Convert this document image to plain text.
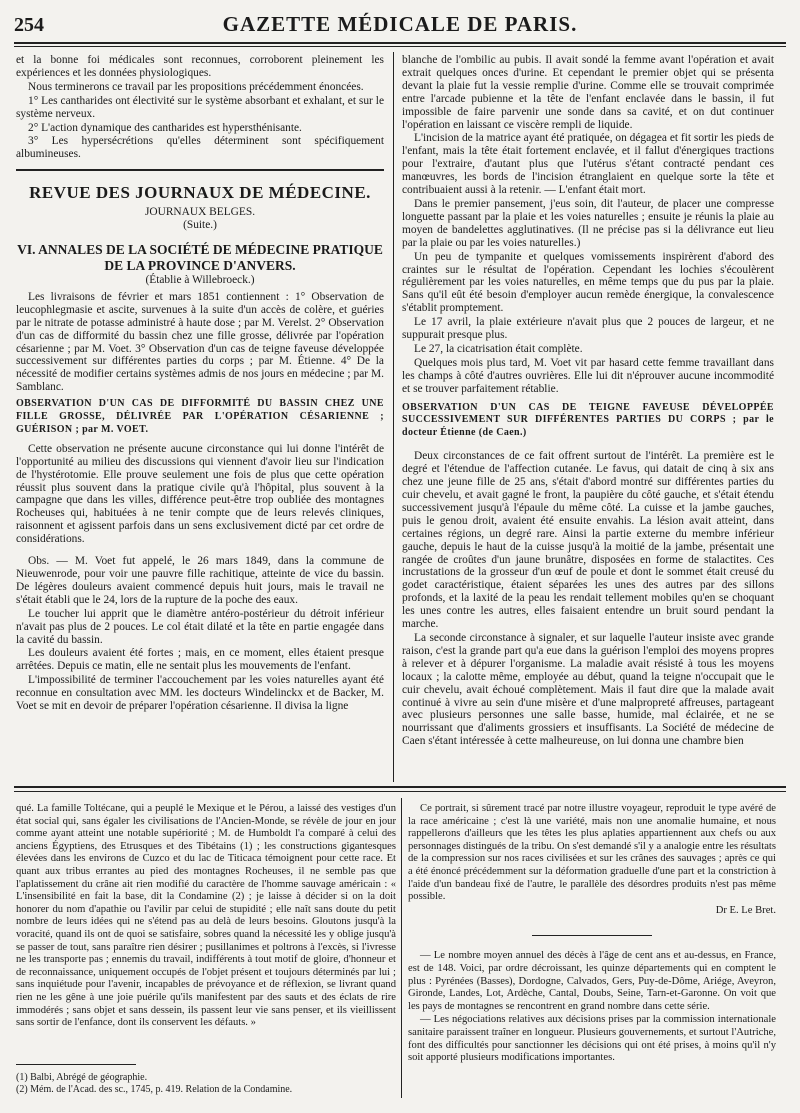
254	GAZETTE MÉDICALE DE PARIS.

et la bonne foi médicales sont reconnues, corroborent pleinement les expériences et les données physiologiques.

Nous terminerons ce travail par les propositions précédemment énoncées.

1° Les cantharides ont électivité sur le système absorbant et exhalant, et sur le système nerveux.

2° L'action dynamique des cantharides est hypersthénisante.

3° Les hypersécrétions qu'elles déterminent sont spécifiquement albumineuses.

REVUE DES JOURNAUX DE MÉDECINE.
JOURNAUX BELGES.
(Suite.)
VI. ANNALES DE LA SOCIÉTÉ DE MÉDECINE PRATIQUE DE LA PROVINCE D'ANVERS.
(Établie à Willebroeck.)

Les livraisons de février et mars 1851 contiennent : 1° Observation de leucophlegmasie et ascite, survenues à la suite d'un accès de colère, et guéries par le nitrate de potasse administré à haute dose ; par M. Verelst. 2° Observation d'un cas de difformité du bassin chez une fille grosse, délivrée par l'opération césarienne ; par M. Voet. 3° Observation d'un cas de teigne faveuse développée successivement sur différentes parties du corps ; par M. Étienne. 4° De la nécessité de modifier certains systèmes admis de nos jours en médecine ; par M. Samblanc.

OBSERVATION D'UN CAS DE DIFFORMITÉ DU BASSIN CHEZ UNE FILLE GROSSE, DÉLIVRÉE PAR L'OPÉRATION CÉSARIENNE ; GUÉRISON ; par M. VOET.

Cette observation ne présente aucune circonstance qui lui donne l'intérêt de l'opportunité au milieu des discussions qui viennent d'avoir lieu sur l'indication de l'hystérotomie. Elle prouve seulement une fois de plus que cette opération réussit plus souvent dans la pratique civile qu'à l'hôpital, plus souvent à la campagne que dans les villes, différence peut-être trop oubliée des montagnes Rocheuses qui, habituées à ne tenir compte que de leurs relevés cliniques, raisonnent et agissent parfois dans un sens exclusivement dicté par cet ordre de considérations.

Obs. — M. Voet fut appelé, le 26 mars 1849, dans la commune de Nieuwenrode, pour voir une pauvre fille rachitique, atteinte de vice du bassin. De légères douleurs avaient commencé depuis huit jours, mais le travail ne s'était établi que le 24, lors de la rupture de la poche des eaux.

Le toucher lui apprit que le diamètre antéro-postérieur du détroit inférieur n'avait pas plus de 2 pouces. Le col était dilaté et la tête en partie engagée dans la cavité du bassin.

Les douleurs avaient été fortes ; mais, en ce moment, elles étaient presque arrêtées. Depuis ce matin, elle ne sentait plus les mouvements de l'enfant.

L'impossibilité de terminer l'accouchement par les voies naturelles ayant été reconnue en consultation avec MM. les docteurs Windelinckx et de Backer, M. Voet se mit en devoir de préparer l'opération césarienne. Il divisa la ligne

blanche de l'ombilic au pubis. Il avait sondé la femme avant l'opération et avait extrait quelques onces d'urine. Et cependant le premier objet qui se présenta devant la plaie fut la vessie remplie d'urine. Comme elle se trouvait comprimée entre l'arcade pubienne et la tête de l'enfant enclavée dans le bassin, il fut impossible de faire parvenir une sonde dans sa cavité, et on dut continuer l'opération en laissant ce viscère rempli de liquide.

L'incision de la matrice ayant été pratiquée, on dégagea et fit sortir les pieds de l'enfant, mais la tête était fortement enclavée, et il fallut d'énergiques tractions pour l'extraire, d'autant plus que l'utérus s'étant contracté pendant ces manœuvres, les bords de l'incision étranglaient en quelque sorte la tête et contribuaient aussi à la retenir. — L'enfant était mort.

Dans le premier pansement, j'eus soin, dit l'auteur, de placer une compresse longuette passant par la plaie et les voies naturelles ; ensuite je réunis la plaie au moyen de bandelettes agglutinatives. (Il ne précise pas si la délivrance eut lieu par la plaie ou par les voies naturelles.)

Un peu de tympanite et quelques vomissements inspirèrent d'abord des craintes sur le résultat de l'opération. Cependant les lochies s'écoulèrent régulièrement par les voies naturelles, en même temps que du pus par la plaie. Sans qu'il eût été besoin d'employer aucun remède énergique, la convalescence s'établit promptement.

Le 17 avril, la plaie extérieure n'avait plus que 2 pouces de largeur, et ne suppurait presque plus.

Le 27, la cicatrisation était complète.

Quelques mois plus tard, M. Voet vit par hasard cette femme travaillant dans les champs à côté d'autres ouvrières. Elle lui dit n'éprouver aucune incommodité et se trouver parfaitement rétablie.

OBSERVATION D'UN CAS DE TEIGNE FAVEUSE DÉVELOPPÉE SUCCESSIVEMENT SUR DIFFÉRENTES PARTIES DU CORPS ; par le docteur Étienne (de Caen.)

Deux circonstances de ce fait offrent surtout de l'intérêt. La première est le degré et l'étendue de l'affection cutanée. Le favus, qui datait de cinq à six ans chez une jeune fille de 25 ans, s'était d'abord montré sur différentes parties du cuir chevelu, et avait gagné le front, la paupière du côté gauche, et s'était étendu successivement jusqu'à l'épaule du même côté. La cuisse et la jambe gauches, puis le genou droit, avaient été ensuite envahis. La lésion avait atteint, dans certaines régions, un degré rare. Ainsi la partie externe du membre inférieur gauche, depuis le haut de la cuisse jusqu'à la moitié de la jambe, présentait une rangée de croûtes d'un jaune brunâtre, disposées en forme de stalactites. Ces incrustations de la grosseur d'un œuf de poule et dont le sommet était creusé du godet caractéristique, étaient séparées les unes des autres par des sillons profonds, et la laxité de la peau les rendait tellement mobiles qu'en se choquant les unes contre les autres, elles faisaient entendre un bruit sourd pendant la marche.

La seconde circonstance à signaler, et sur laquelle l'auteur insiste avec grande raison, c'est la grande part qu'a eue dans la guérison l'emploi des moyens propres à relever et à dépurer l'organisme. La maladie avait résisté à tous les moyens locaux ; la calotte même, employée au début, quand la teigne n'occupait que le cuir chevelu, avait échoué complètement. Mais il faut dire que la malade avait continué à vivre au sein d'une misère et d'une malpropreté affreuses, partageant avec plusieurs personnes une salle basse, humide, mal éclairée, et ne se nourrissant que d'aliments grossiers et insuffisants. La Société de médecine de Caen s'étant intéressée à cette malheureuse, on lui donna une chambre bien

qué. La famille Toltécane, qui a peuplé le Mexique et le Pérou, a laissé des vestiges d'un état social qui, sans égaler les civilisations de l'Ancien-Monde, se révèle de jour en jour comme ayant atteint une notable supériorité ; M. de Humboldt l'a comparé à celui des anciens Égyptiens, des Etrusques et des Tibétains (1) ; les constructions gigantesques élevées dans les environs de Cuzco et du lac de Titicaca témoignent pour cette race. Et quant aux tribus errantes au pied des montagnes Rocheuses, il ne semble pas que l'aplatissement du crâne ait rien modifié du caractère de l'homme sauvage américain : « L'insensibilité en fait la base, dit la Condamine (2) ; je laisse à décider si on la doit honorer du nom d'apathie ou l'avilir par celui de stupidité ; elle naît sans doute du petit nombre de leurs idées qui ne s'étend pas au delà de leurs besoins. Gloutons jusqu'à la voracité, quand ils ont de quoi se satisfaire, sobres quand la nécessité les y oblige jusqu'à se passer de tout, sans paraître rien désirer ; pusillanimes et poltrons à l'excès, si l'ivresse ne les transporte pas ; ennemis du travail, indifférents à tout motif de gloire, d'honneur et de reconnaissance, uniquement occupés de l'objet présent et toujours déterminés par lui ; sans inquiétude pour l'avenir, incapables de prévoyance et de réflexion, se livrant quand rien ne les gêne à une joie puérile qu'ils manifestent par des sauts et des éclats de rire immodérés ; sans objet et sans dessein, ils passent leur vie sans penser, et ils vieillissent sans sortir de l'enfance, dont ils conservent les défauts. »

(1) Balbi, Abrégé de géographie.
(2) Mém. de l'Acad. des sc., 1745, p. 419. Relation de la Condamine.

Ce portrait, si sûrement tracé par notre illustre voyageur, reproduit le type avéré de la race américaine ; c'est là une variété, mais non une anomalie humaine, et nous rappellerons d'ailleurs que les têtes les plus aplaties appartiennent aux chefs ou aux personnages distingués de la tribu. On s'est demandé s'il y a analogie entre les résultats de la compression sur nos races civilisées et sur les crânes des sauvages ; après ce qui a été énoncé précédemment sur la déformation graduelle d'une part et la constriction à l'aide d'un bandeau fixé de l'autre, le parallèle des désordres produits n'est pas même possible.

Dr E. Le Bret.

— Le nombre moyen annuel des décès à l'âge de cent ans et au-dessus, en France, est de 148. Voici, par ordre décroissant, les quinze départements qui en comptent le plus : Pyrénées (Basses), Dordogne, Calvados, Gers, Puy-de-Dôme, Ariége, Aveyron, Gironde, Landes, Lot, Ardèche, Cantal, Doubs, Seine, Tarn-et-Garonne. On voit que les pays de montagnes se rencontrent en grand nombre dans cette série.

— Les négociations relatives aux décisions prises par la commission internationale sanitaire paraissent traîner en longueur. Plusieurs gouvernements, et surtout l'Autriche, font des difficultés pour sanctionner les décisions qui ont été prises, à moins qu'il n'y soit apporté plusieurs modifications importantes.
